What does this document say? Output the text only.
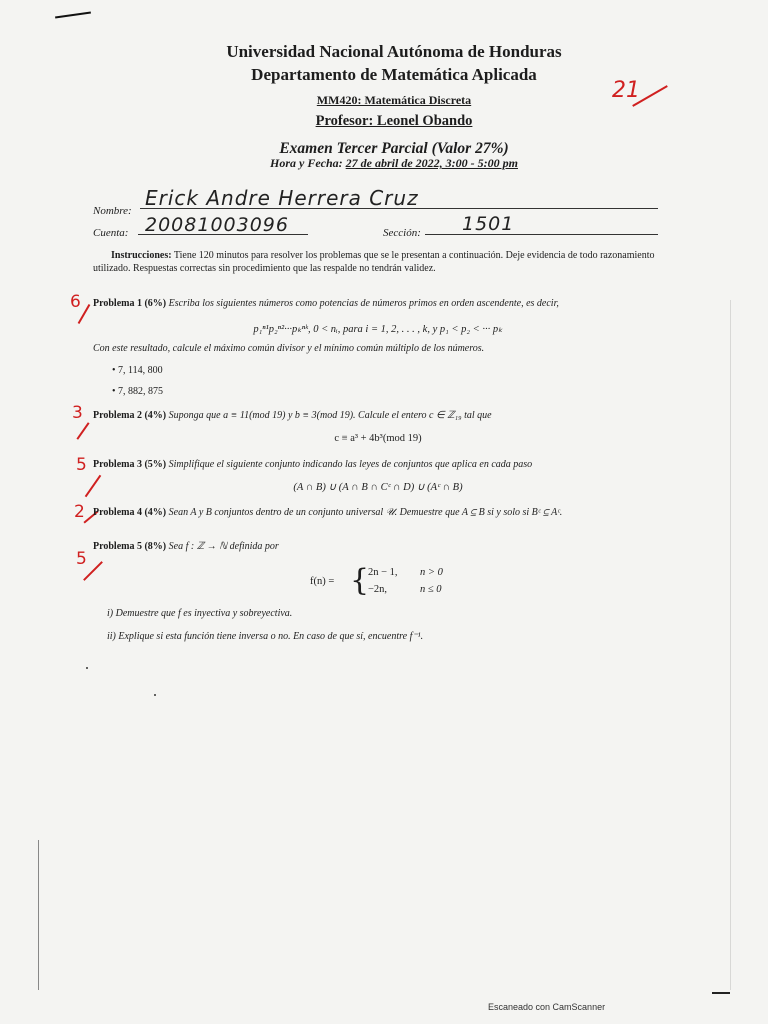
Universidad Nacional Autónoma de Honduras
Departamento de Matemática Aplicada
MM420: Matemática Discreta
Profesor: Leonel Obando
Examen Tercer Parcial (Valor 27%)
Hora y Fecha: 27 de abril de 2022, 3:00 - 5:00 pm
21
Nombre:
Erick Andre Herrera Cruz
Cuenta: 20081003096	Sección: 1501
Instrucciones: Tiene 120 minutos para resolver los problemas que se le presentan a continuación. Deje evidencia de todo razonamiento utilizado. Respuestas correctas sin procedimiento que las respalde no tendrán validez.
6 Problema 1 (6%) Escriba los siguientes números como potencias de números primos en orden ascendente, es decir,
p₁ⁿ¹p₂ⁿ²···pₖⁿᵏ, 0 < nᵢ, para i = 1, 2, . . . , k, y p₁ < p₂ < ··· pₖ
Con este resultado, calcule el máximo común divisor y el mínimo común múltiplo de los números.
• 7, 114, 800
• 7, 882, 875
3 Problema 2 (4%) Suponga que a ≡ 11(mod 19) y b ≡ 3(mod 19). Calcule el entero c ∈ ℤ₁₉ tal que
c ≡ a³ + 4b³(mod 19)
5 Problema 3 (5%) Simplifique el siguiente conjunto indicando las leyes de conjuntos que aplica en cada paso
(A ∩ B) ∪ (A ∩ B ∩ Cᶜ ∩ D) ∪ (Aᶜ ∩ B)
2 Problema 4 (4%) Sean A y B conjuntos dentro de un conjunto universal 𝒰. Demuestre que A ⊆ B si y solo si Bᶜ ⊆ Aᶜ.
5
Problema 5 (8%) Sea f : ℤ → ℕ definida por
f(n) = {
2n − 1, n > 0
−2n,	n ≤ 0
i) Demuestre que f es inyectiva y sobreyectiva.
ii) Explique si esta función tiene inversa o no. En caso de que sí, encuentre f⁻¹.
Escaneado con CamScanner
